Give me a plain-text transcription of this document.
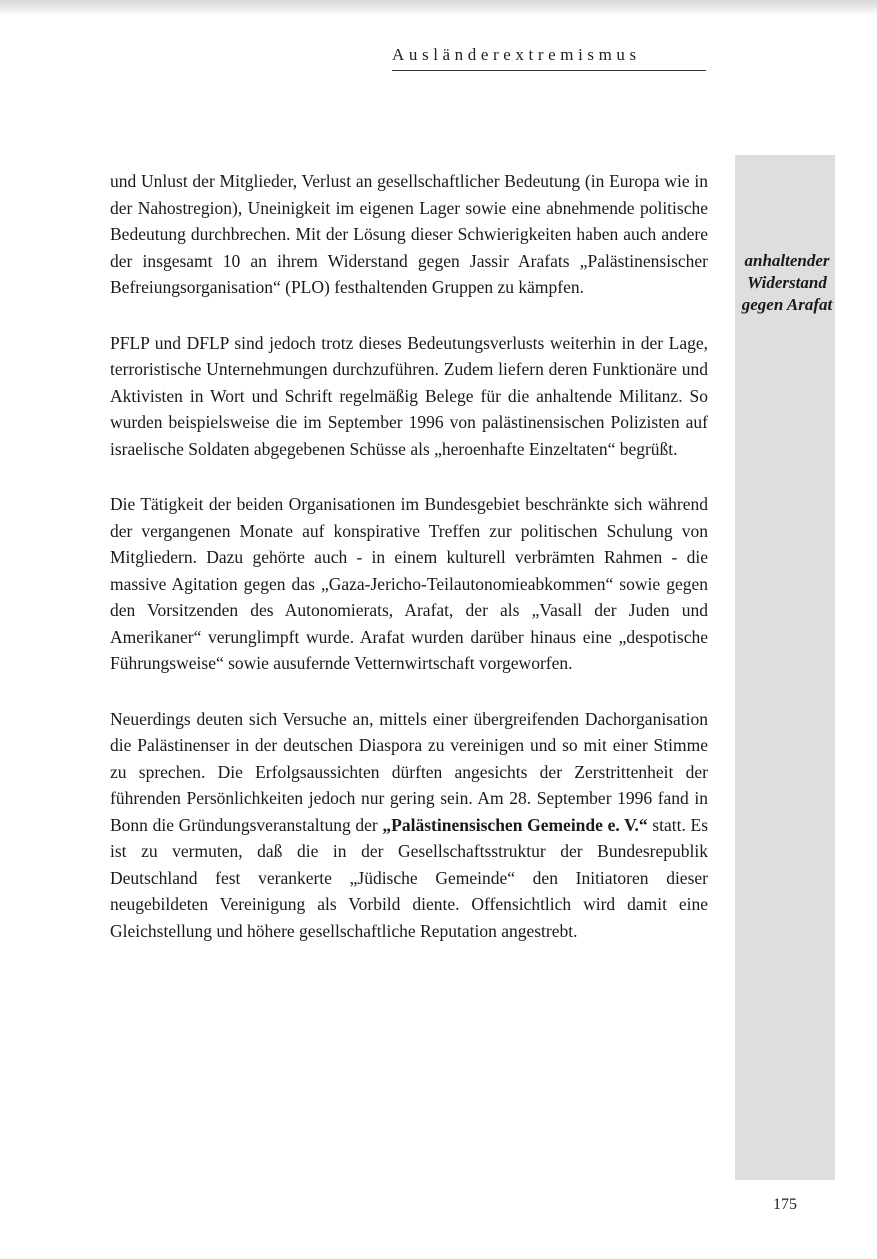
Ausländerextremismus
anhaltender
Widerstand
gegen Arafat

und Unlust der Mitglieder, Verlust an gesellschaftlicher Bedeutung (in Europa wie in der Nahostregion), Uneinigkeit im eigenen Lager sowie eine abnehmende politische Bedeutung durchbrechen. Mit der Lösung dieser Schwierigkeiten haben auch andere der insgesamt 10 an ihrem Widerstand gegen Jassir Arafats „Palästinensischer Befreiungsorganisation“ (PLO) festhaltenden Gruppen zu kämpfen.

PFLP und DFLP sind jedoch trotz dieses Bedeutungsverlusts weiterhin in der Lage, terroristische Unternehmungen durchzuführen. Zudem liefern deren Funktionäre und Aktivisten in Wort und Schrift regelmäßig Belege für die anhaltende Militanz. So wurden beispielsweise die im September 1996 von palästinensischen Polizisten auf israelische Soldaten abgegebenen Schüsse als „heroenhafte Einzeltaten“ begrüßt.

Die Tätigkeit der beiden Organisationen im Bundesgebiet beschränkte sich während der vergangenen Monate auf konspirative Treffen zur politischen Schulung von Mitgliedern. Dazu gehörte auch - in einem kulturell verbrämten Rahmen - die massive Agitation gegen das „Gaza-Jericho-Teilautonomieabkommen“ sowie gegen den Vorsitzenden des Autonomierats, Arafat, der als „Vasall der Juden und Amerikaner“ verunglimpft wurde. Arafat wurden darüber hinaus eine „despotische Führungsweise“ sowie ausufernde Vetternwirtschaft vorgeworfen.

Neuerdings deuten sich Versuche an, mittels einer übergreifenden Dachorganisation die Palästinenser in der deutschen Diaspora zu vereinigen und so mit einer Stimme zu sprechen. Die Erfolgsaussichten dürften angesichts der Zerstrittenheit der führenden Persönlichkeiten jedoch nur gering sein. Am 28. September 1996 fand in Bonn die Gründungsveranstaltung der „Palästinensischen Gemeinde e. V.“ statt. Es ist zu vermuten, daß die in der Gesellschaftsstruktur der Bundesrepublik Deutschland fest verankerte „Jüdische Gemeinde“ den Initiatoren dieser neugebildeten Vereinigung als Vorbild diente. Offensichtlich wird damit eine Gleichstellung und höhere gesellschaftliche Reputation angestrebt.

175
